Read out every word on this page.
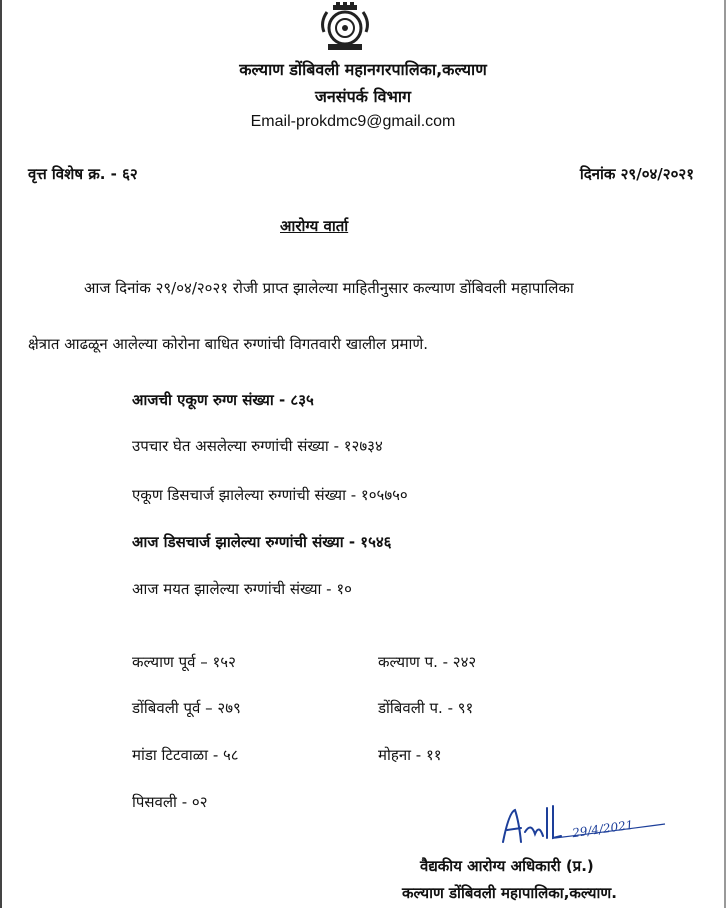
कल्याण डोंबिवली महानगरपालिका,कल्याण
जनसंपर्क विभाग
Email-prokdmc9@gmail.com
वृत्त विशेष क्र. - ६२	दिनांक २९/०४/२०२१
आरोग्य वार्ता
आज दिनांक २९/०४/२०२१ रोजी प्राप्त झालेल्या माहितीनुसार कल्याण डोंबिवली महापालिका
क्षेत्रात आढळून आलेल्या कोरोना बाधित रुग्णांची विगतवारी खालील प्रमाणे.
आजची एकूण रुग्ण संख्या - ८३५
उपचार घेत असलेल्या रुग्णांची संख्या - १२७३४
एकूण डिसचार्ज झालेल्या रुग्णांची संख्या - १०५७५०
आज डिसचार्ज झालेल्या रुग्णांची संख्या - १५४६
आज मयत झालेल्या रुग्णांची संख्या - १०
कल्याण पूर्व – १५२	कल्याण प. - २४२
डोंबिवली पूर्व – २७९	डोंबिवली प. - ९१
मांडा टिटवाळा - ५८	मोहना - ११
पिसवली - ०२
29/4/2021
वैद्यकीय आरोग्य अधिकारी (प्र.)
कल्याण डोंबिवली महापालिका,कल्याण.
